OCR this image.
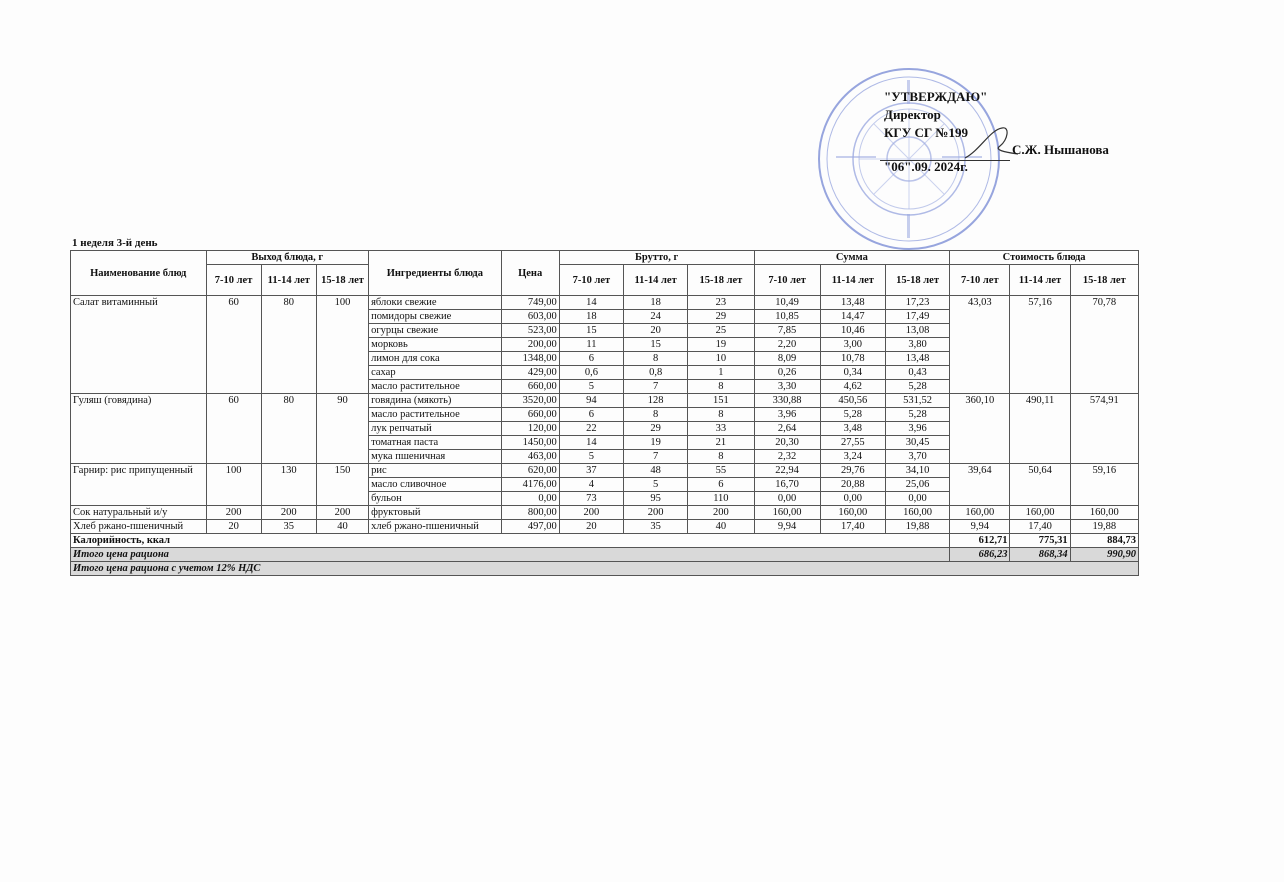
"УТВЕРЖДАЮ"
Директор
КГУ СГ №199
"06".09. 2024г.
С.Ж. Нышанова
1 неделя 3-й день
Наименование блюд	Выход блюда, г			Ингредиенты блюда	Цена	Брутто, г			Сумма			Стоимость блюда		
	7-10 лет	11-14 лет	15-18 лет			7-10 лет	11-14 лет	15-18 лет	7-10 лет	11-14 лет	15-18 лет	7-10 лет	11-14 лет	15-18 лет
Салат витаминный	60	80	100	яблоки свежие	749,00	14	18	23	10,49	13,48	17,23	43,03	57,16	70,78
				помидоры свежие	603,00	18	24	29	10,85	14,47	17,49			
				огурцы свежие	523,00	15	20	25	7,85	10,46	13,08			
				морковь	200,00	11	15	19	2,20	3,00	3,80			
				лимон для сока	1348,00	6	8	10	8,09	10,78	13,48			
				сахар	429,00	0,6	0,8	1	0,26	0,34	0,43			
				масло растительное	660,00	5	7	8	3,30	4,62	5,28			
Гуляш (говядина)	60	80	90	говядина (мякоть)	3520,00	94	128	151	330,88	450,56	531,52	360,10	490,11	574,91
				масло растительное	660,00	6	8	8	3,96	5,28	5,28			
				лук репчатый	120,00	22	29	33	2,64	3,48	3,96			
				томатная паста	1450,00	14	19	21	20,30	27,55	30,45			
				мука пшеничная	463,00	5	7	8	2,32	3,24	3,70			
Гарнир: рис припущенный	100	130	150	рис	620,00	37	48	55	22,94	29,76	34,10	39,64	50,64	59,16
				масло сливочное	4176,00	4	5	6	16,70	20,88	25,06			
				бульон	0,00	73	95	110	0,00	0,00	0,00			
Сок натуральный и/у	200	200	200	фруктовый	800,00	200	200	200	160,00	160,00	160,00	160,00	160,00	160,00
Хлеб ржано-пшеничный	20	35	40	хлеб ржано-пшеничный	497,00	20	35	40	9,94	17,40	19,88	9,94	17,40	19,88
Калорийность, ккал												612,71	775,31	884,73
Итого цена рациона												686,23	868,34	990,90
Итого цена рациона с учетом 12% НДС														
